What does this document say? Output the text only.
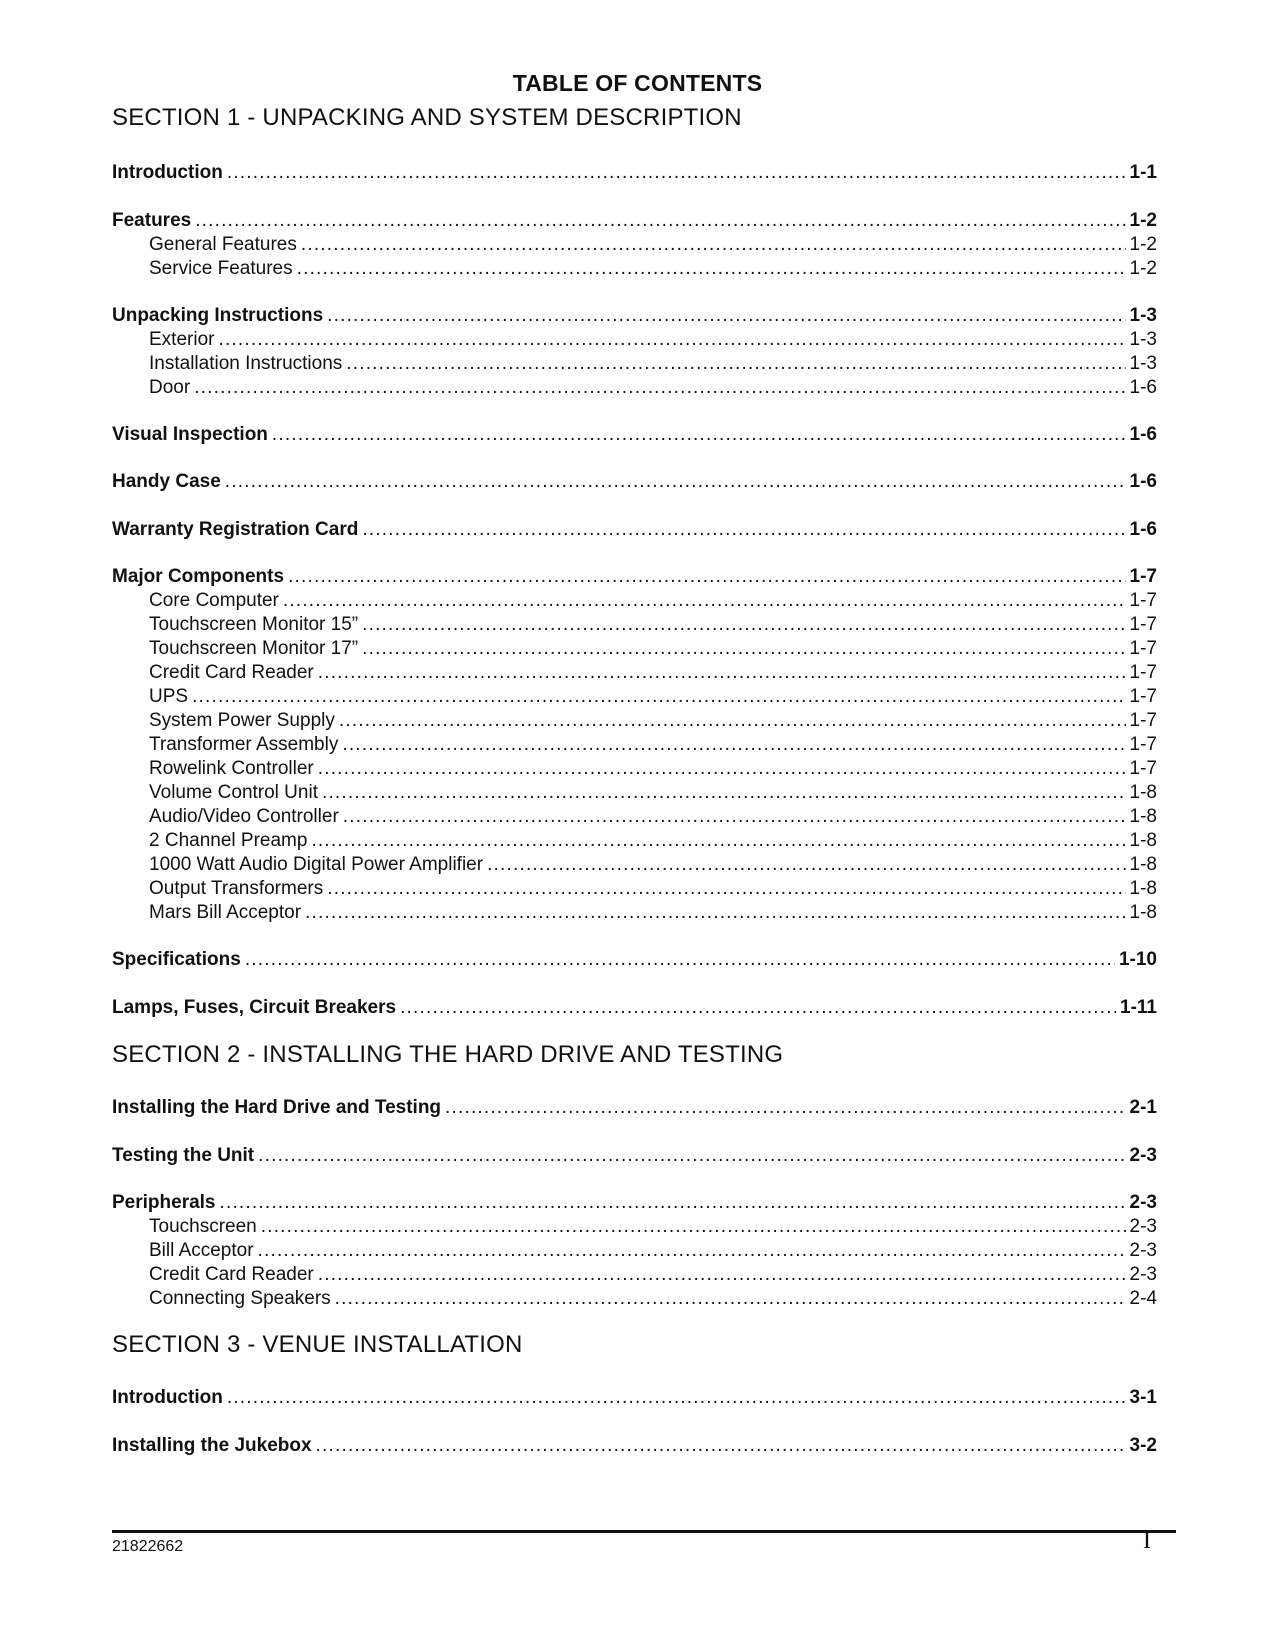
TABLE OF CONTENTS
SECTION 1 - UNPACKING AND SYSTEM DESCRIPTION
Introduction .....	1-1
Features .....	1-2
General Features .....	1-2
Service Features .....	1-2
Unpacking Instructions .....	1-3
Exterior .....	1-3
Installation Instructions .....	1-3
Door .....	1-6
Visual Inspection .....	1-6
Handy Case .....	1-6
Warranty Registration Card .....	1-6
Major Components .....	1-7
Core Computer .....	1-7
Touchscreen Monitor 15” .....	1-7
Touchscreen Monitor 17” .....	1-7
Credit Card Reader .....	1-7
UPS .....	1-7
System Power Supply .....	1-7
Transformer Assembly .....	1-7
Rowelink Controller .....	1-7
Volume Control Unit .....	1-8
Audio/Video Controller .....	1-8
2 Channel Preamp .....	1-8
1000 Watt Audio Digital Power Amplifier .....	1-8
Output Transformers .....	1-8
Mars Bill Acceptor .....	1-8
Specifications .....	1-10
Lamps, Fuses, Circuit Breakers .....	1-11
SECTION 2 - INSTALLING THE HARD DRIVE AND TESTING
Installing the Hard Drive and Testing .....	2-1
Testing the Unit .....	2-3
Peripherals .....	2-3
Touchscreen .....	2-3
Bill Acceptor .....	2-3
Credit Card Reader .....	2-3
Connecting Speakers .....	2-4
SECTION 3 - VENUE INSTALLATION
Introduction .....	3-1
Installing the Jukebox .....	3-2
21822662	I
